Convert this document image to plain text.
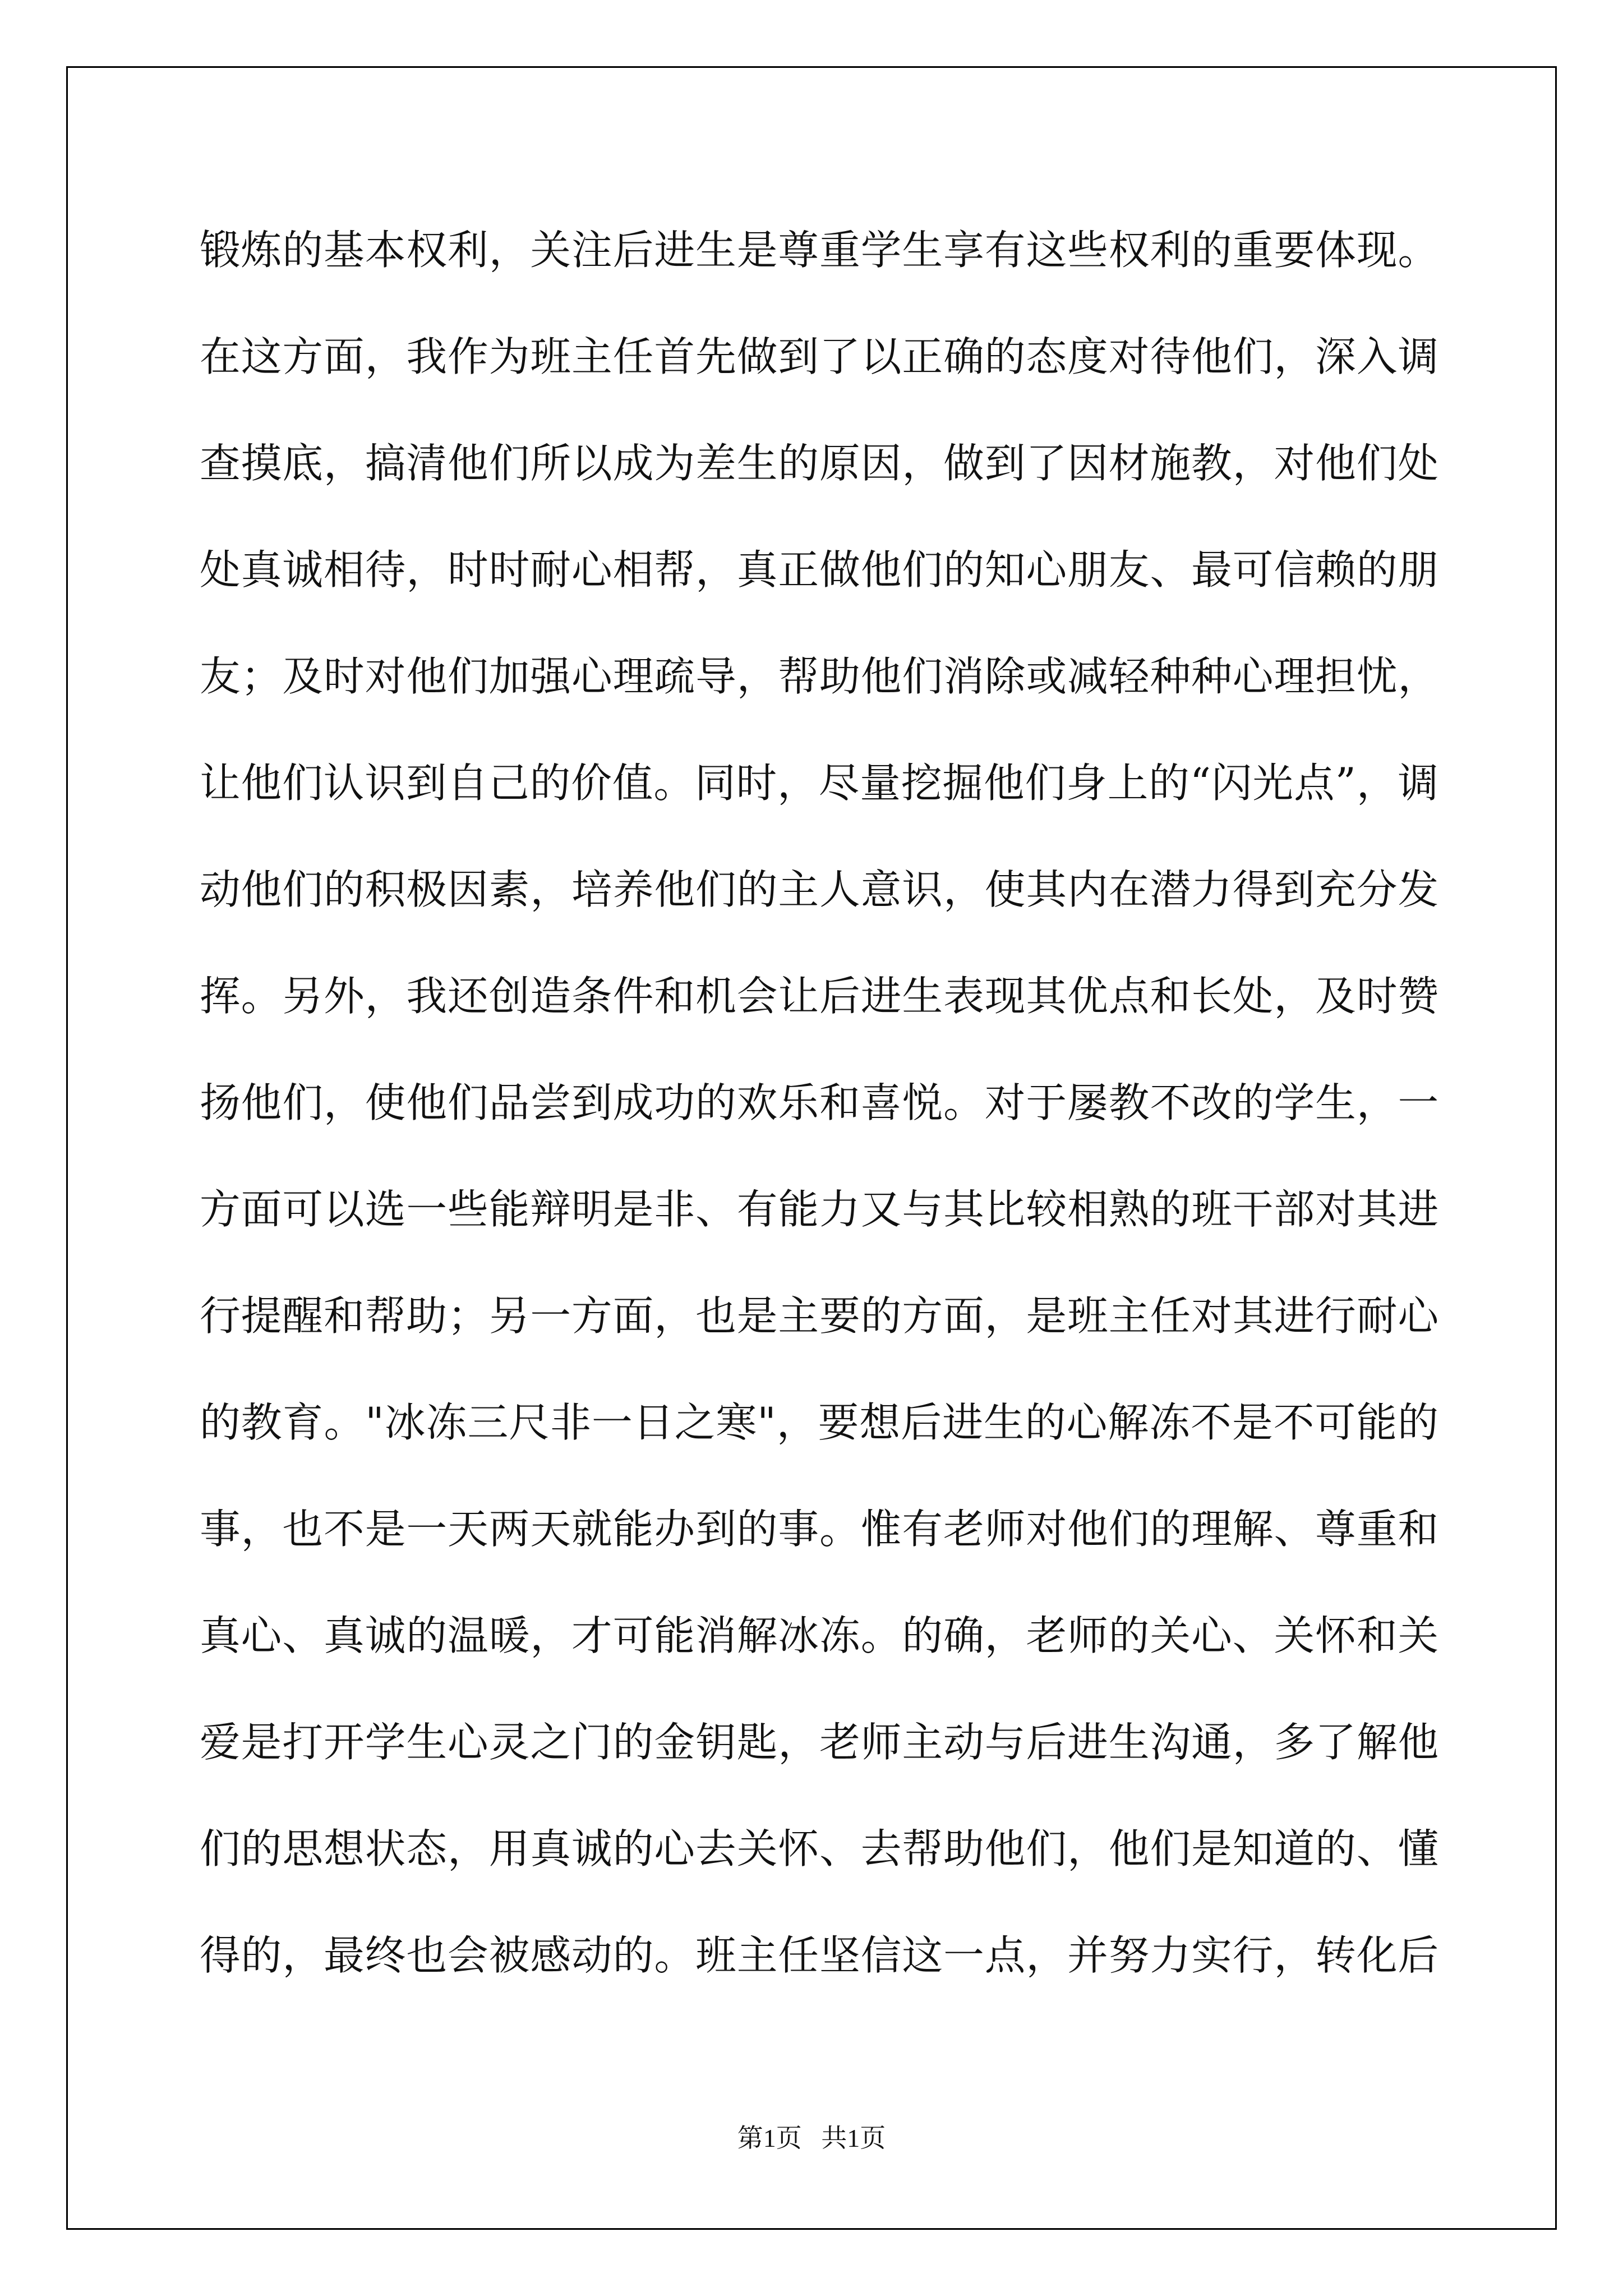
锻炼的基本权利，关注后进生是尊重学生享有这些权利的重要体现。
在这方面，我作为班主任首先做到了以正确的态度对待他们，深入调
查摸底，搞清他们所以成为差生的原因，做到了因材施教，对他们处
处真诚相待，时时耐心相帮，真正做他们的知心朋友、最可信赖的朋
友；及时对他们加强心理疏导，帮助他们消除或减轻种种心理担忧，
让他们认识到自己的价值。同时，尽量挖掘他们身上的“闪光点”，调
动他们的积极因素，培养他们的主人意识，使其内在潜力得到充分发
挥。另外，我还创造条件和机会让后进生表现其优点和长处，及时赞
扬他们，使他们品尝到成功的欢乐和喜悦。对于屡教不改的学生，一
方面可以选一些能辩明是非、有能力又与其比较相熟的班干部对其进
行提醒和帮助；另一方面，也是主要的方面，是班主任对其进行耐心
的教育。"冰冻三尺非一日之寒"，要想后进生的心解冻不是不可能的
事，也不是一天两天就能办到的事。惟有老师对他们的理解、尊重和
真心、真诚的温暖，才可能消解冰冻。的确，老师的关心、关怀和关
爱是打开学生心灵之门的金钥匙，老师主动与后进生沟通，多了解他
们的思想状态，用真诚的心去关怀、去帮助他们，他们是知道的、懂
得的，最终也会被感动的。班主任坚信这一点，并努力实行，转化后
第1页   共1页
